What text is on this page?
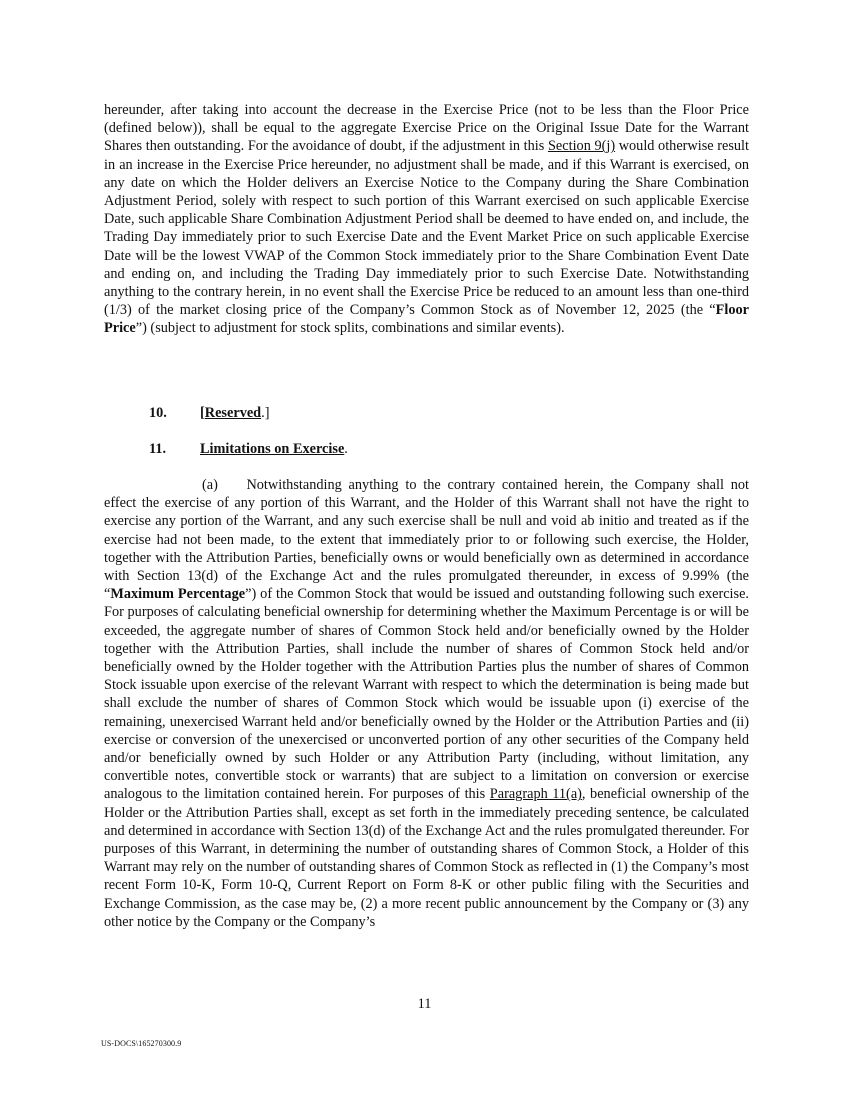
hereunder, after taking into account the decrease in the Exercise Price (not to be less than the Floor Price (defined below)), shall be equal to the aggregate Exercise Price on the Original Issue Date for the Warrant Shares then outstanding. For the avoidance of doubt, if the adjustment in this Section 9(j) would otherwise result in an increase in the Exercise Price hereunder, no adjustment shall be made, and if this Warrant is exercised, on any date on which the Holder delivers an Exercise Notice to the Company during the Share Combination Adjustment Period, solely with respect to such portion of this Warrant exercised on such applicable Exercise Date, such applicable Share Combination Adjustment Period shall be deemed to have ended on, and include, the Trading Day immediately prior to such Exercise Date and the Event Market Price on such applicable Exercise Date will be the lowest VWAP of the Common Stock immediately prior to the Share Combination Event Date and ending on, and including the Trading Day immediately prior to such Exercise Date. Notwithstanding anything to the contrary herein, in no event shall the Exercise Price be reduced to an amount less than one-third (1/3) of the market closing price of the Company’s Common Stock as of November 12, 2025 (the “Floor Price”) (subject to adjustment for stock splits, combinations and similar events).

10. [Reserved.]

11. Limitations on Exercise.

(a)  Notwithstanding anything to the contrary contained herein, the Company shall not effect the exercise of any portion of this Warrant, and the Holder of this Warrant shall not have the right to exercise any portion of the Warrant, and any such exercise shall be null and void ab initio and treated as if the exercise had not been made, to the extent that immediately prior to or following such exercise, the Holder, together with the Attribution Parties, beneficially owns or would beneficially own as determined in accordance with Section 13(d) of the Exchange Act and the rules promulgated thereunder, in excess of 9.99% (the “Maximum Percentage”) of the Common Stock that would be issued and outstanding following such exercise. For purposes of calculating beneficial ownership for determining whether the Maximum Percentage is or will be exceeded, the aggregate number of shares of Common Stock held and/or beneficially owned by the Holder together with the Attribution Parties, shall include the number of shares of Common Stock held and/or beneficially owned by the Holder together with the Attribution Parties plus the number of shares of Common Stock issuable upon exercise of the relevant Warrant with respect to which the determination is being made but shall exclude the number of shares of Common Stock which would be issuable upon (i) exercise of the remaining, unexercised Warrant held and/or beneficially owned by the Holder or the Attribution Parties and (ii) exercise or conversion of the unexercised or unconverted portion of any other securities of the Company held and/or beneficially owned by such Holder or any Attribution Party (including, without limitation, any convertible notes, convertible stock or warrants) that are subject to a limitation on conversion or exercise analogous to the limitation contained herein. For purposes of this Paragraph 11(a), beneficial ownership of the Holder or the Attribution Parties shall, except as set forth in the immediately preceding sentence, be calculated and determined in accordance with Section 13(d) of the Exchange Act and the rules promulgated thereunder. For purposes of this Warrant, in determining the number of outstanding shares of Common Stock, a Holder of this Warrant may rely on the number of outstanding shares of Common Stock as reflected in (1) the Company’s most recent Form 10-K, Form 10-Q, Current Report on Form 8-K or other public filing with the Securities and Exchange Commission, as the case may be, (2) a more recent public announcement by the Company or (3) any other notice by the Company or the Company’s

11
US-DOCS\165270300.9
